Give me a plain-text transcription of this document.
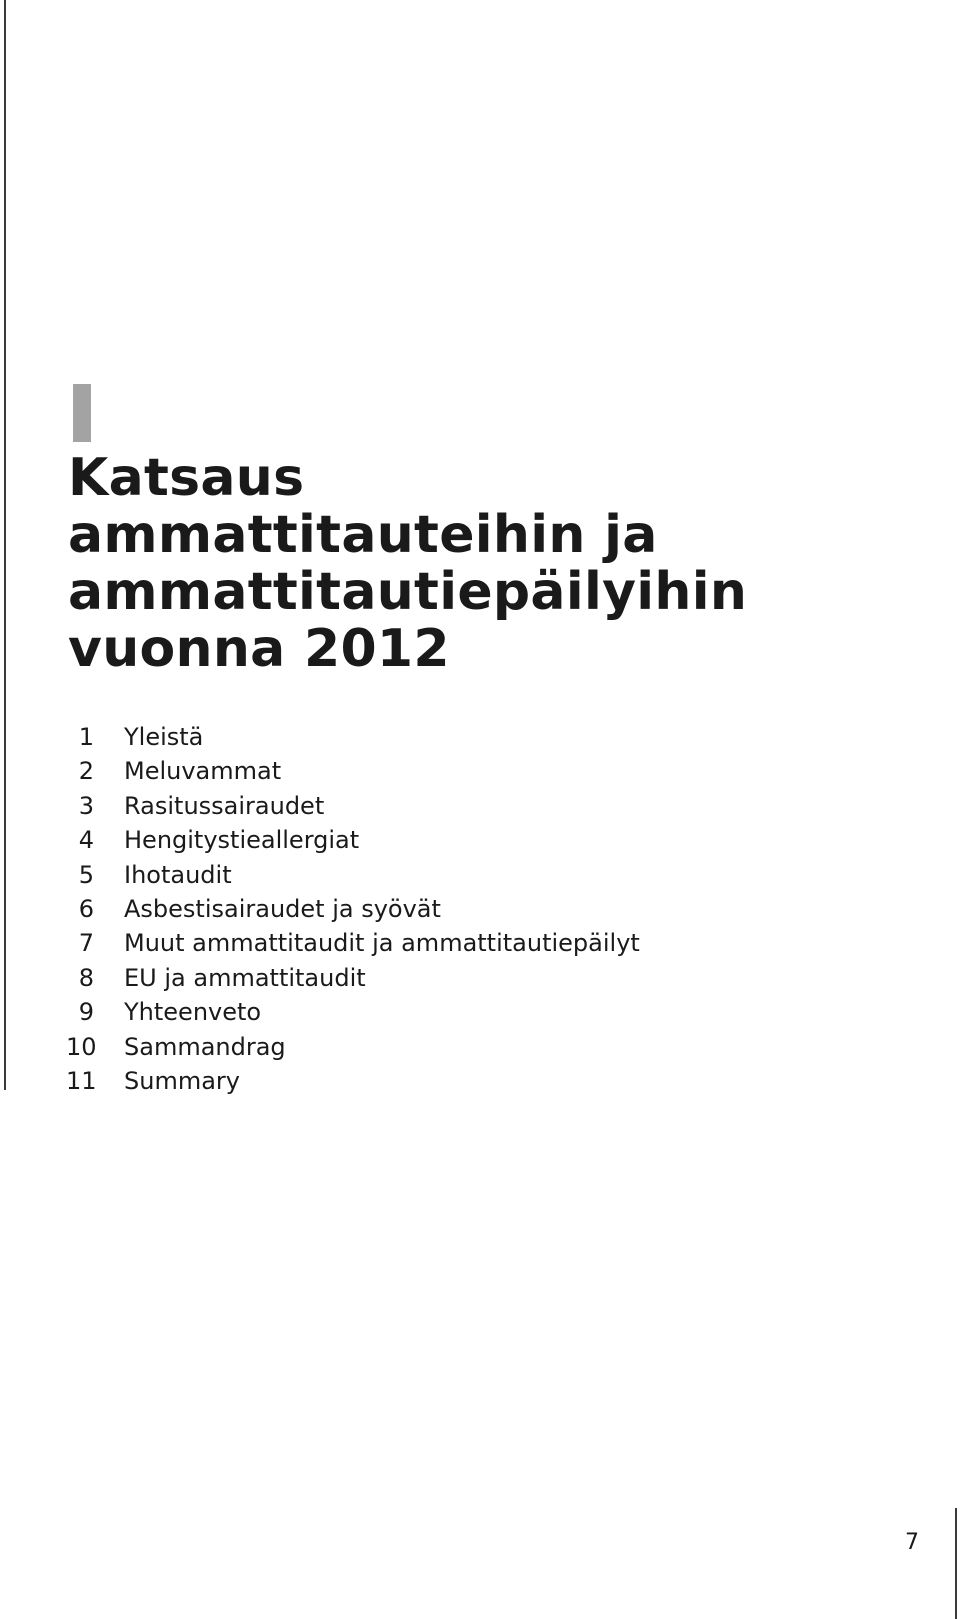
Katsaus
ammattitauteihin ja
ammattitautiepäilyihin
vuonna 2012
1 Yleistä
2 Meluvammat
3 Rasitussairaudet
4 Hengitystieallergiat
5 Ihotaudit
6 Asbestisairaudet ja syövät
7 Muut ammattitaudit ja ammattitautiepäilyt
8 EU ja ammattitaudit
9 Yhteenveto
10 Sammandrag
11 Summary
7
